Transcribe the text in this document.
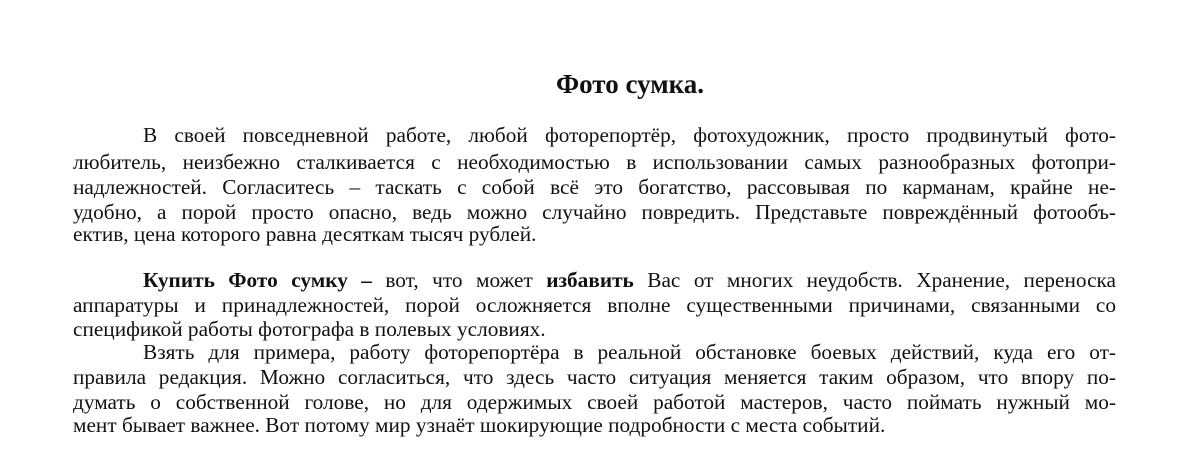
Фото сумка.

В своей повседневной работе, любой фоторепортёр, фотохудожник, просто продвинутый фото-

любитель, неизбежно сталкивается с необходимостью в использовании самых разнообразных фотопри-

надлежностей. Согласитесь – таскать с собой всё это богатство, рассовывая по карманам, крайне не-

удобно, а порой просто опасно, ведь можно случайно повредить. Представьте повреждённый фотообъ-

ектив, цена которого равна десяткам тысяч рублей.

Купить Фото сумку – вот, что может избавить Вас от многих неудобств. Хранение, переноска

аппаратуры и принадлежностей, порой осложняется вполне существенными причинами, связанными со

спецификой работы фотографа в полевых условиях.

Взять для примера, работу фоторепортёра в реальной обстановке боевых действий, куда его от-

правила редакция. Можно согласиться, что здесь часто ситуация меняется таким образом, что впору по-

думать о собственной голове, но для одержимых своей работой мастеров, часто поймать нужный мо-

мент бывает важнее. Вот потому мир узнаёт шокирующие подробности с места событий.
